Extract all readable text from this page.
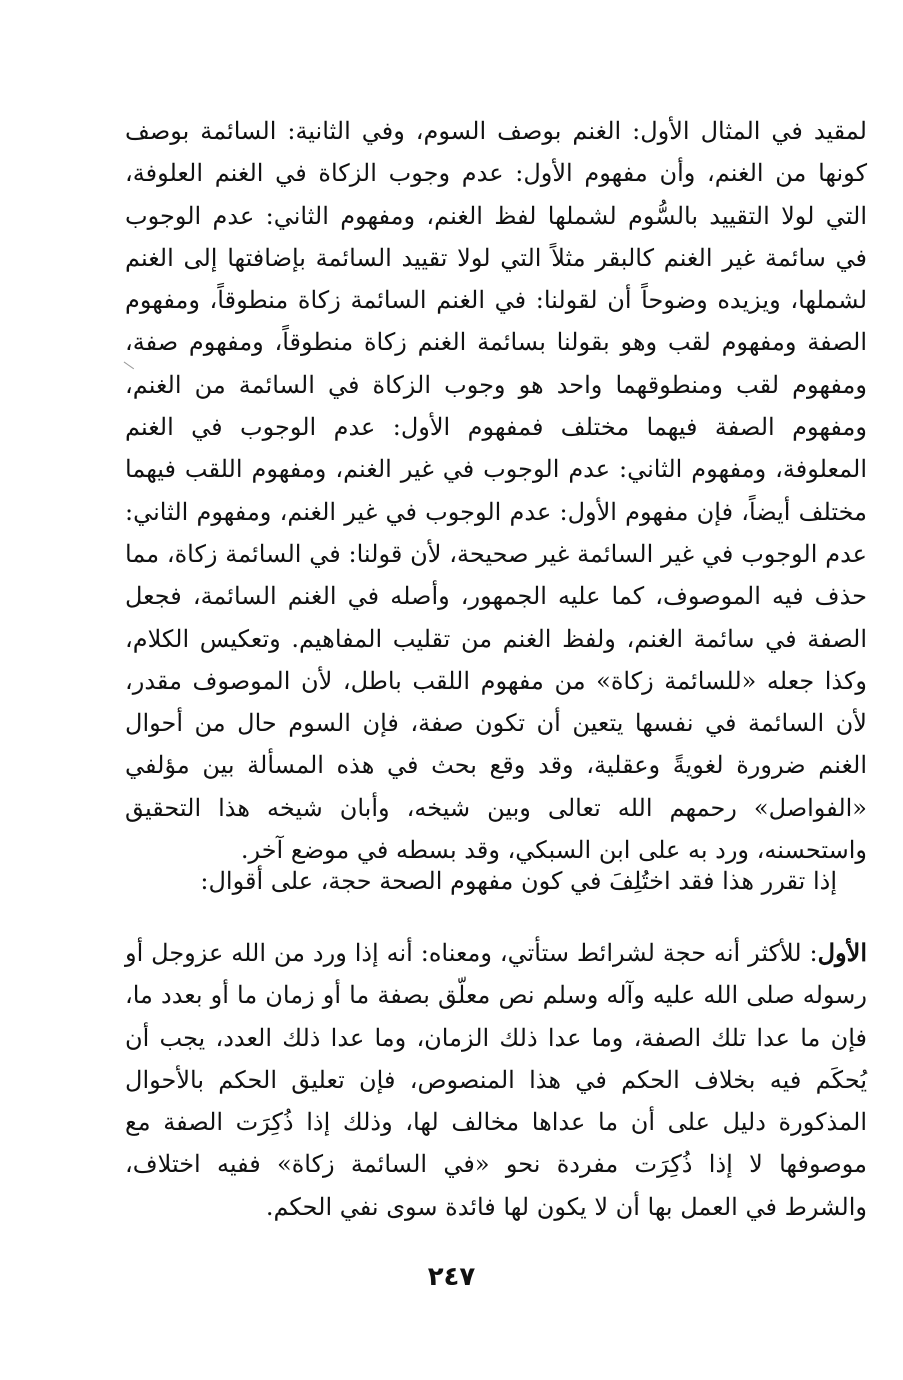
لمقيد في المثال الأول: الغنم بوصف السوم، وفي الثانية: السائمة بوصف كونها من الغنم، وأن مفهوم الأول: عدم وجوب الزكاة في الغنم العلوفة، التي لولا التقييد بالسُّوم لشملها لفظ الغنم، ومفهوم الثاني: عدم الوجوب في سائمة غير الغنم كالبقر مثلاً التي لولا تقييد السائمة بإضافتها إلى الغنم لشملها، ويزيده وضوحاً أن لقولنا: في الغنم السائمة زكاة منطوقاً، ومفهوم الصفة ومفهوم لقب وهو بقولنا بسائمة الغنم زكاة منطوقاً، ومفهوم صفة، ومفهوم لقب ومنطوقهما واحد هو وجوب الزكاة في السائمة من الغنم، ومفهوم الصفة فيهما مختلف فمفهوم الأول: عدم الوجوب في الغنم المعلوفة، ومفهوم الثاني: عدم الوجوب في غير الغنم، ومفهوم اللقب فيهما مختلف أيضاً، فإن مفهوم الأول: عدم الوجوب في غير الغنم، ومفهوم الثاني: عدم الوجوب في غير السائمة غير صحيحة، لأن قولنا: في السائمة زكاة، مما حذف فيه الموصوف، كما عليه الجمهور، وأصله في الغنم السائمة، فجعل الصفة في سائمة الغنم، ولفظ الغنم من تقليب المفاهيم. وتعكيس الكلام، وكذا جعله «للسائمة زكاة» من مفهوم اللقب باطل، لأن الموصوف مقدر، لأن السائمة في نفسها يتعين أن تكون صفة، فإن السوم حال من أحوال الغنم ضرورة لغويةً وعقلية، وقد وقع بحث في هذه المسألة بين مؤلفي «الفواصل» رحمهم الله تعالى وبين شيخه، وأبان شيخه هذا التحقيق واستحسنه، ورد به على ابن السبكي، وقد بسطه في موضع آخر.

إذا تقرر هذا فقد اختُلِفَ في كون مفهوم الصحة حجة، على أقوال:

الأول: للأكثر أنه حجة لشرائط ستأتي، ومعناه: أنه إذا ورد من الله عزوجل أو رسوله صلى الله عليه وآله وسلم نص معلّق بصفة ما أو زمان ما أو بعدد ما، فإن ما عدا تلك الصفة، وما عدا ذلك الزمان، وما عدا ذلك العدد، يجب أن يُحكَم فيه بخلاف الحكم في هذا المنصوص، فإن تعليق الحكم بالأحوال المذكورة دليل على أن ما عداها مخالف لها، وذلك إذا ذُكِرَت الصفة مع موصوفها لا إذا ذُكِرَت مفردة نحو «في السائمة زكاة» ففيه اختلاف، والشرط في العمل بها أن لا يكون لها فائدة سوى نفي الحكم.

٢٤٧
